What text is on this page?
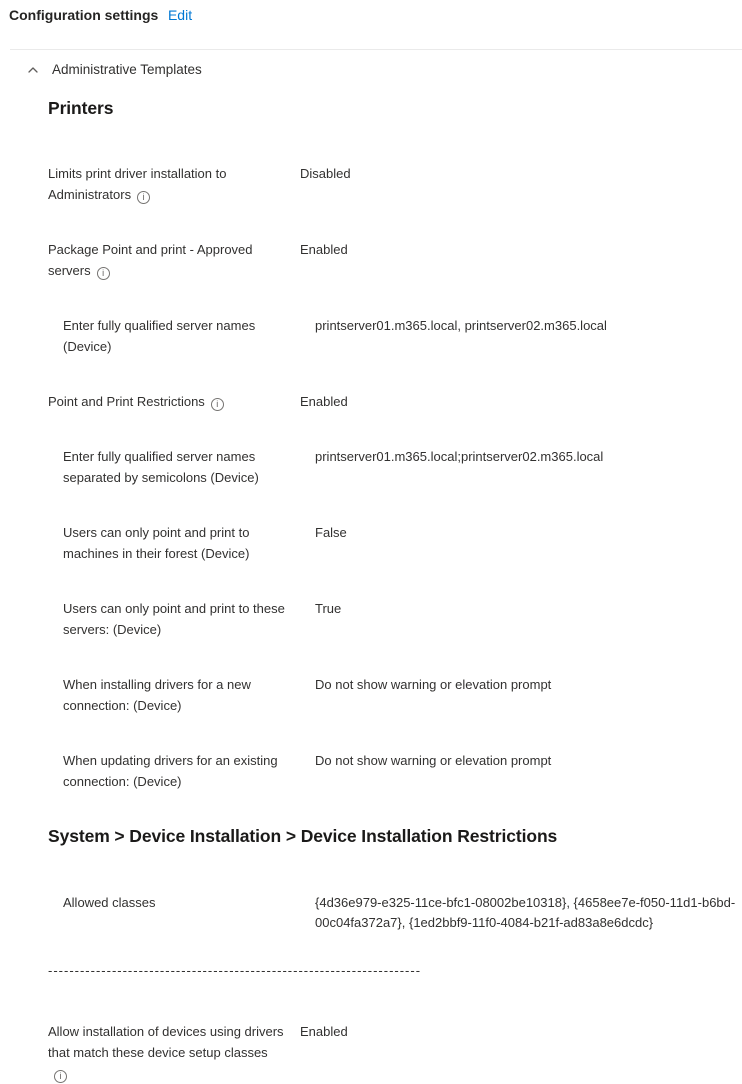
Configuration settings Edit
Administrative Templates
Printers
Limits print driver installation to Administrators i
Disabled
Package Point and print - Approved servers i
Enabled
Enter fully qualified server names (Device)
printserver01.m365.local, printserver02.m365.local
Point and Print Restrictions i	Enabled
Enter fully qualified server names separated by semicolons (Device)
printserver01.m365.local;printserver02.m365.local
Users can only point and print to machines in their forest (Device)
False
Users can only point and print to these servers: (Device)
True
When installing drivers for a new connection: (Device)
Do not show warning or elevation prompt
When updating drivers for an existing connection: (Device)
Do not show warning or elevation prompt
System > Device Installation > Device Installation Restrictions
Allowed classes	{4d36e979-e325-11ce-bfc1-08002be10318}, {4658ee7e-f050-11d1-b6bd-00c04fa372a7}, {1ed2bbf9-11f0-4084-b21f-ad83a8e6dcdc}
----------------------------------------------------------------------
Allow installation of devices using drivers that match these device setup classesi
Enabled
